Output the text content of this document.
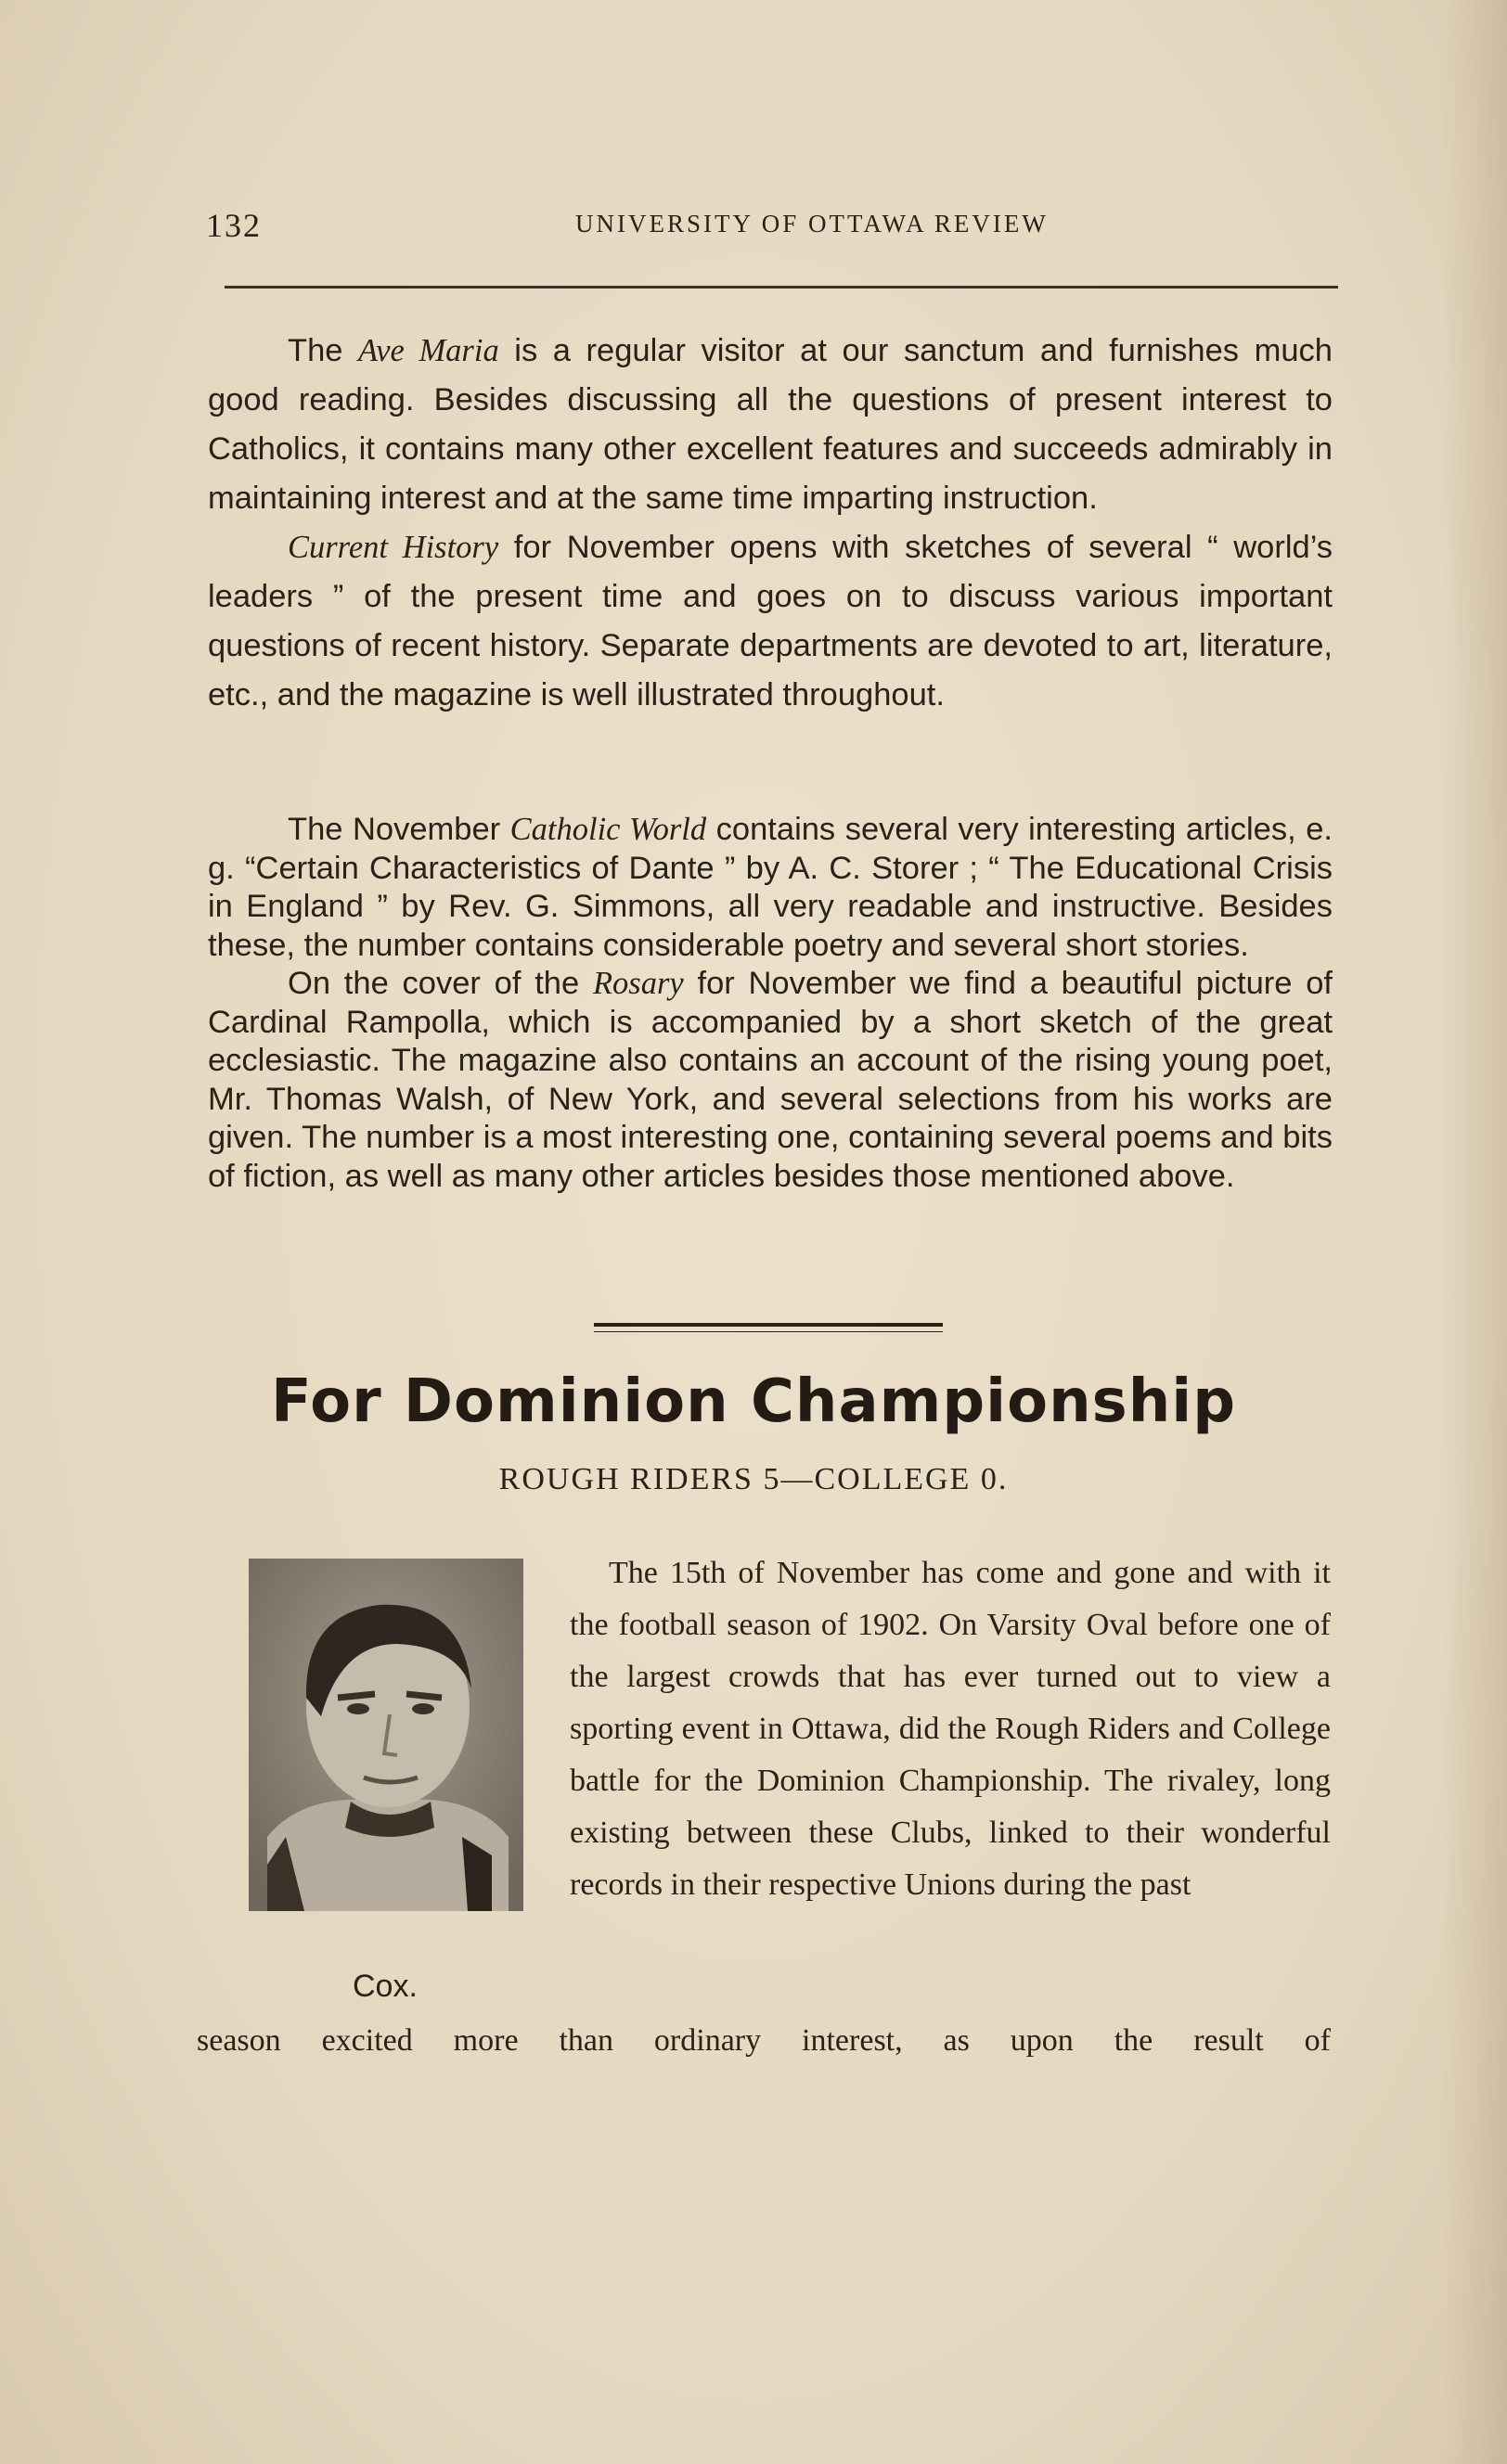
132	UNIVERSITY OF OTTAWA REVIEW

The Ave Maria is a regular visitor at our sanctum and furnishes much good reading. Besides discussing all the questions of present interest to Catholics, it contains many other excellent features and succeeds admirably in maintaining interest and at the same time imparting instruction.

Current History for November opens with sketches of several “ world’s leaders ” of the present time and goes on to discuss various important questions of recent history. Separate departments are devoted to art, literature, etc., and the magazine is well illustrated throughout.

The November Catholic World contains several very interesting articles, e. g. “Certain Characteristics of Dante ” by A. C. Storer ; “ The Educational Crisis in England ” by Rev. G. Simmons, all very readable and instructive. Besides these, the number contains considerable poetry and several short stories.

On the cover of the Rosary for November we find a beautiful picture of Cardinal Rampolla, which is accompanied by a short sketch of the great ecclesiastic. The magazine also contains an account of the rising young poet, Mr. Thomas Walsh, of New York, and several selections from his works are given. The number is a most interesting one, containing several poems and bits of fiction, as well as many other articles besides those mentioned above.

For Dominion Championship
ROUGH RIDERS 5—COLLEGE 0.
Cox.

The 15th of November has come and gone and with it the football season of 1902. On Varsity Oval before one of the largest crowds that has ever turned out to view a sporting event in Ottawa, did the Rough Riders and College battle for the Dominion Championship. The rivaley, long existing between these Clubs, linked to their wonderful records in their respective Unions during the past

season excited more than ordinary interest, as upon the result of
